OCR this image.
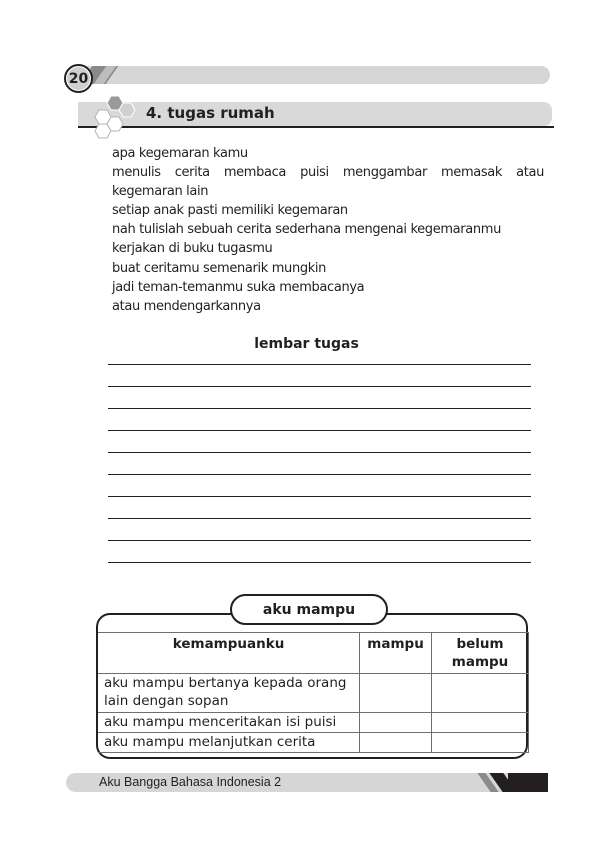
20
4. tugas rumah
apa kegemaran kamu
menulis cerita membaca puisi menggambar memasak atau
kegemaran lain
setiap anak pasti memiliki kegemaran
nah tulislah sebuah cerita sederhana mengenai kegemaranmu
kerjakan di buku tugasmu
buat ceritamu semenarik mungkin
jadi teman-temanmu suka membacanya
atau mendengarkannya
lembar tugas
aku mampu
kemampuanku	mampu	belum
mampu
aku mampu bertanya kepada orang
lain dengan sopan		
aku mampu menceritakan isi puisi		
aku mampu melanjutkan cerita		
Aku Bangga Bahasa Indonesia 2
